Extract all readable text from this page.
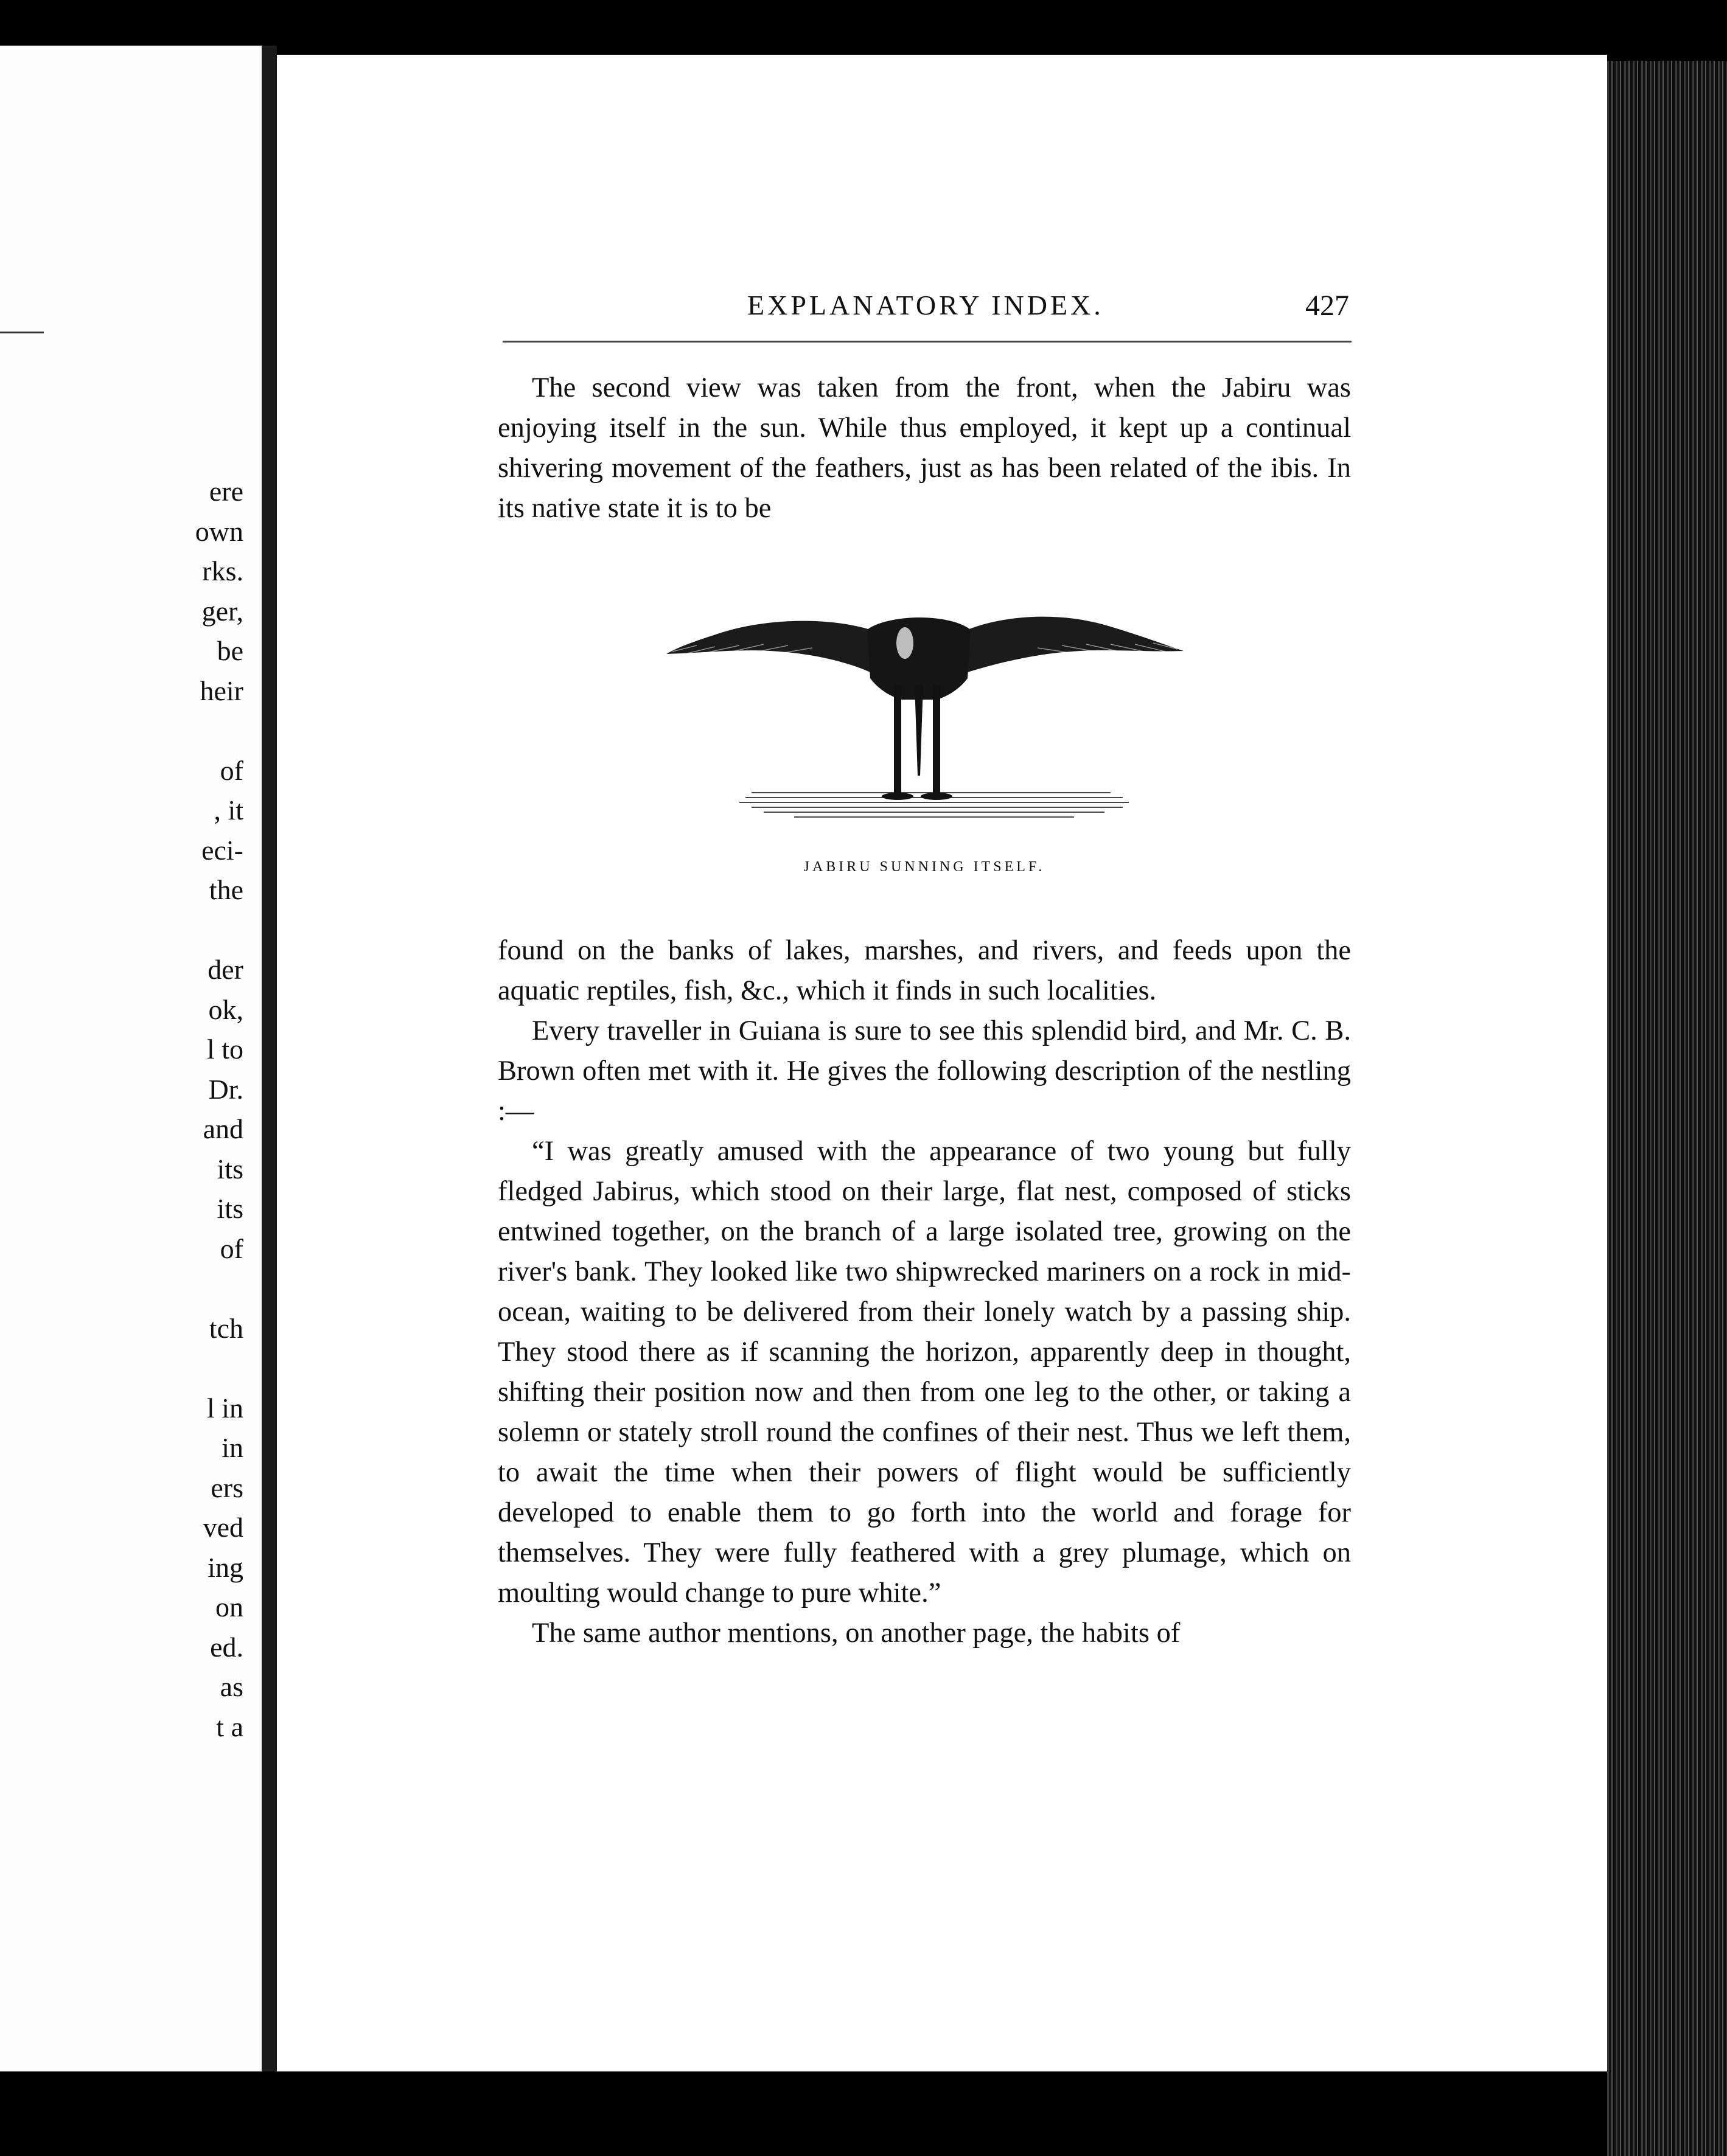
ere
own
rks.
ger,
be
heir

of
, it
eci-
the

der
ok,
l to
Dr.
and
its
its
of

tch

l in
in
ers
ved
ing
on
ed.
as
t a
EXPLANATORY INDEX.	427

The second view was taken from the front, when the Jabiru was enjoying itself in the sun. While thus employed, it kept up a continual shivering movement of the feathers, just as has been related of the ibis. In its native state it is to be

JABIRU SUNNING ITSELF.

found on the banks of lakes, marshes, and rivers, and feeds upon the aquatic reptiles, fish, &c., which it finds in such localities.

Every traveller in Guiana is sure to see this splendid bird, and Mr. C. B. Brown often met with it. He gives the following description of the nestling :—

“I was greatly amused with the appearance of two young but fully fledged Jabirus, which stood on their large, flat nest, composed of sticks entwined together, on the branch of a large isolated tree, growing on the river's bank. They looked like two shipwrecked mariners on a rock in mid-ocean, waiting to be delivered from their lonely watch by a passing ship. They stood there as if scanning the horizon, apparently deep in thought, shifting their position now and then from one leg to the other, or taking a solemn or stately stroll round the confines of their nest. Thus we left them, to await the time when their powers of flight would be sufficiently developed to enable them to go forth into the world and forage for themselves. They were fully feathered with a grey plumage, which on moulting would change to pure white.”

The same author mentions, on another page, the habits of
